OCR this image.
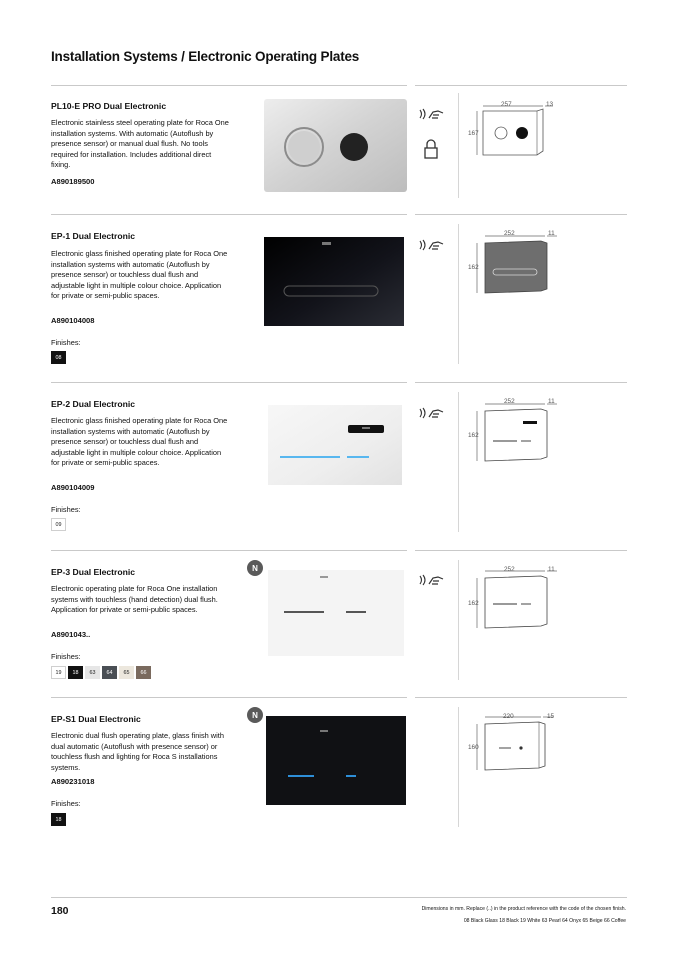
Installation Systems / Electronic Operating Plates
PL10-E PRO Dual Electronic
Electronic stainless steel operating plate for Roca One installation systems. With automatic (Autoflush by presence sensor) or manual dual flush. No tools required for installation. Includes additional direct fixing.
A890189500
257	13
167
EP-1 Dual Electronic
Electronic glass finished operating plate for Roca One installation systems with automatic (Autoflush by presence sensor) or touchless dual flush and adjustable light in multiple colour choice. Application for private or semi-public spaces.
A890104008
Finishes:
08
252	11
162
EP-2 Dual Electronic
Electronic glass finished operating plate for Roca One installation systems with automatic (Autoflush by presence sensor) or touchless dual flush and adjustable light in multiple colour choice. Application for private or semi-public spaces.
A890104009
Finishes:
09
252	11
162
N
EP-3 Dual Electronic
Electronic operating plate for Roca One installation systems with touchless (hand detection) dual flush. Application for private or semi-public spaces.
A8901043..
Finishes:
19	18	63	64	65	66
252	11
162
N
EP-S1 Dual Electronic
Electronic dual flush operating plate, glass finish with dual automatic (Autoflush with presence sensor) or touchless flush and lighting for Roca S installations systems.
A890231018
Finishes:
18
220	15
160
180	Dimensions in mm. Replace (..) in the product reference with the code of the chosen finish.
08 Black Glass 18 Black 19 White 63 Pearl 64 Onyx 65 Beige 66 Coffee
